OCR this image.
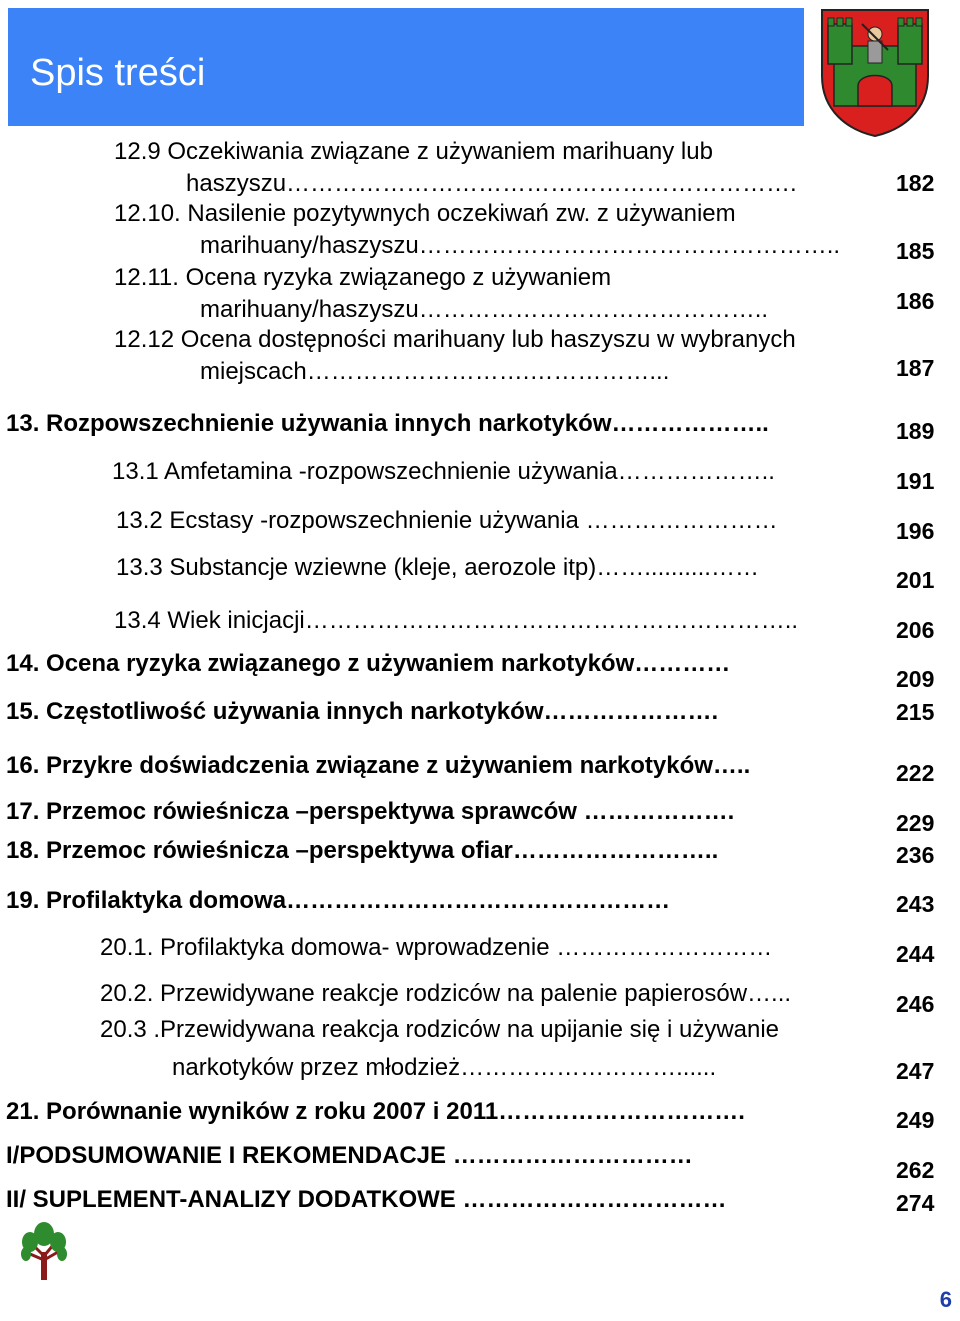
Spis treści
12.9 Oczekiwania związane z używaniem marihuany lub
haszyszu……………………………………………………….
12.10. Nasilenie pozytywnych oczekiwań zw. z używaniem
marihuany/haszyszu……………………………………………..
12.11. Ocena ryzyka związanego z używaniem
marihuany/haszyszu……………………………………..
12.12 Ocena dostępności marihuany lub haszyszu w wybranych
miejscach……………………….……………...
13. Rozpowszechnienie używania innych narkotyków………………..
13.1 Amfetamina -rozpowszechnienie używania………………..
13.2 Ecstasy -rozpowszechnienie używania ……………………
13.3 Substancje wziewne (kleje, aerozole itp)……..........……
13.4 Wiek inicjacji……………………………………………………..
14. Ocena ryzyka związanego z używaniem narkotyków…………
15. Częstotliwość używania innych narkotyków………………….
16. Przykre doświadczenia związane z używaniem narkotyków…..
17. Przemoc rówieśnicza –perspektywa sprawców ……………….
18. Przemoc rówieśnicza –perspektywa ofiar……………………..
19. Profilaktyka domowa…………………………………………
20.1. Profilaktyka domowa- wprowadzenie ………………………
20.2. Przewidywane reakcje rodziców na palenie papierosów…...
20.3 .Przewidywana reakcja rodziców na upijanie się i używanie
narkotyków przez młodzież………………………......
21. Porównanie wyników z roku 2007 i 2011………………………….
I/PODSUMOWANIE I REKOMENDACJE …………………………
II/ SUPLEMENT-ANALIZY DODATKOWE ……………………………
182
185
186
187
189
191
196
201
206
209
215
222
229
236
243
244
246
247
249
262
274
6
